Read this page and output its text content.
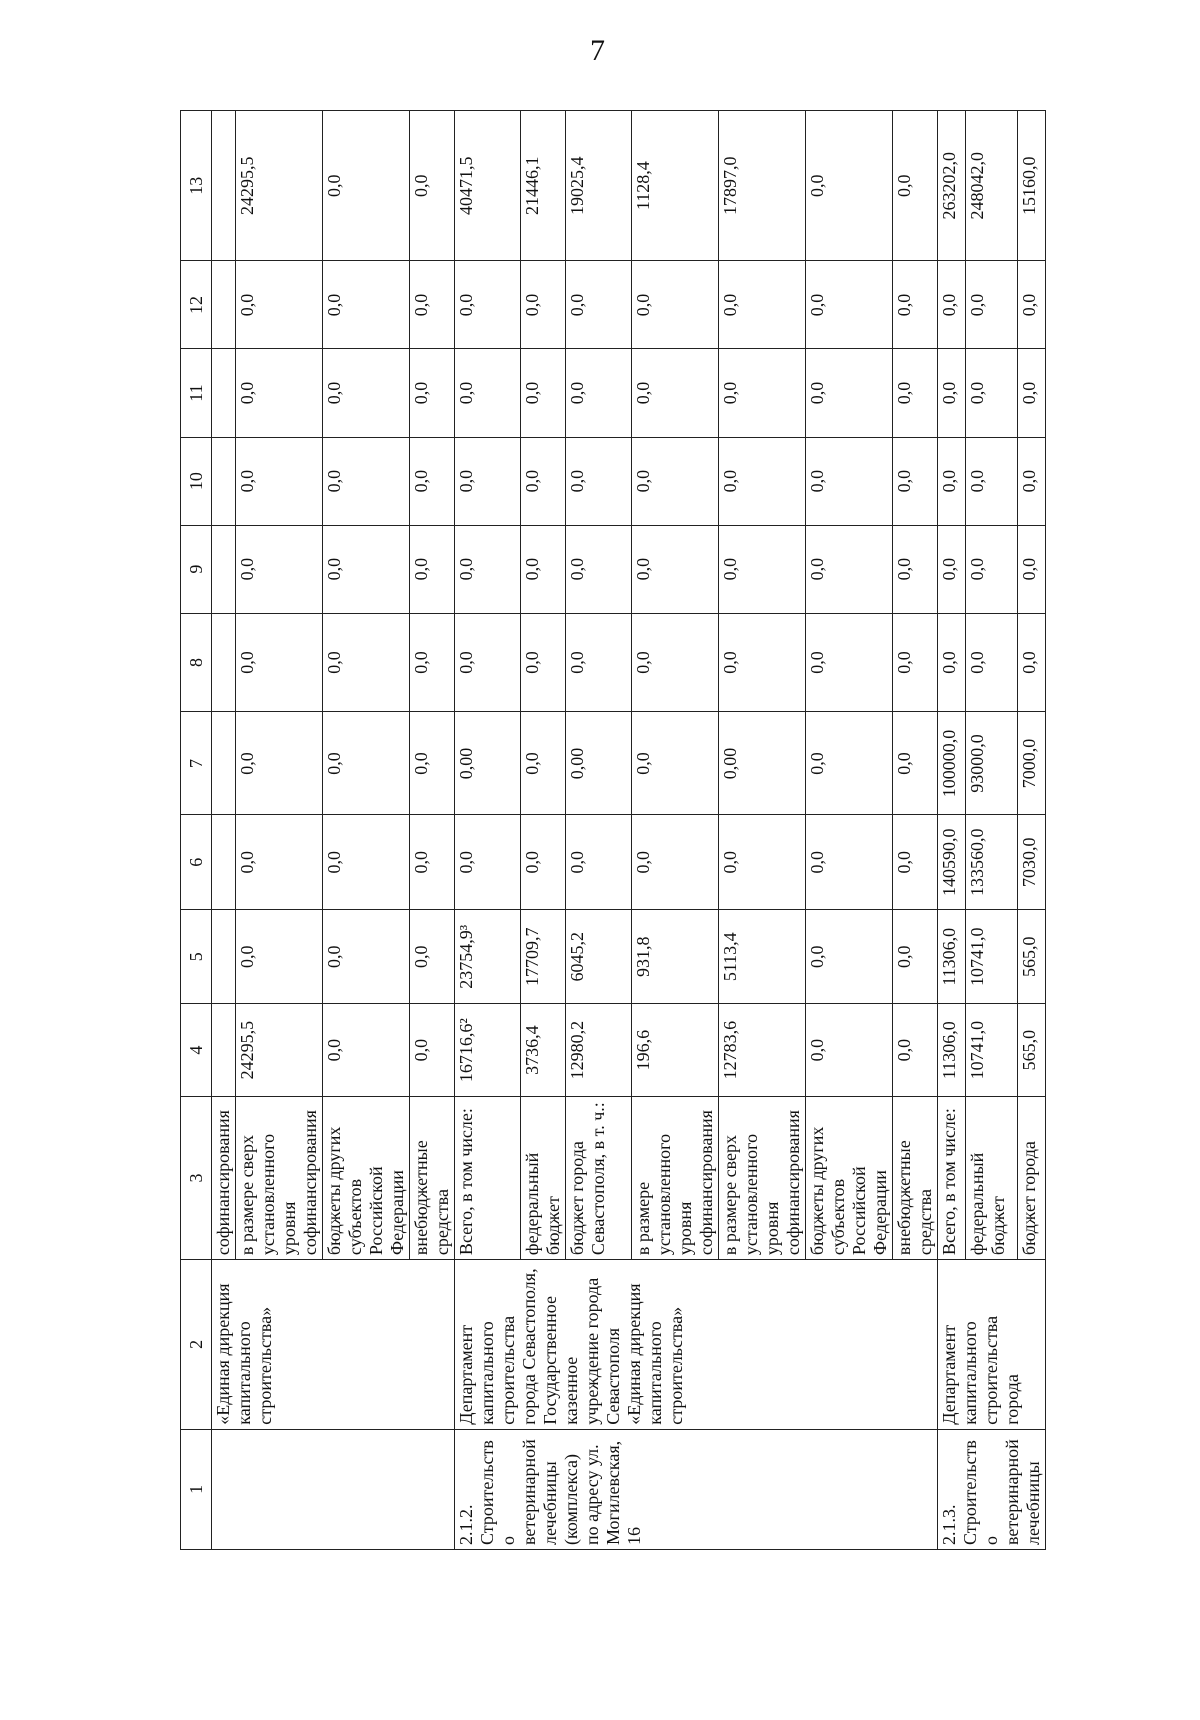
7
1	2	3	4	5	6	7	8	9	10	11	12	13
	«Единая дирекция капитального строительства»	софинансирования										
		в размере сверх установленного уровня софинансирования	24295,5	0,0	0,0	0,0	0,0	0,0	0,0	0,0	0,0	24295,5
		бюджеты других субъектов Российской Федерации	0,0	0,0	0,0	0,0	0,0	0,0	0,0	0,0	0,0	0,0
		внебюджетные средства	0,0	0,0	0,0	0,0	0,0	0,0	0,0	0,0	0,0	0,0
2.1.2. Строительство ветеринарной лечебницы (комплекса) по адресу ул. Могилевская, 16	Департамент капитального строительства города Севастополя, Государственное казенное учреждение города Севастополя «Единая дирекция капитального строительства»	Всего, в том числе:	16716,6²	23754,9³	0,0	0,00	0,0	0,0	0,0	0,0	0,0	40471,5
		федеральный бюджет	3736,4	17709,7	0,0	0,0	0,0	0,0	0,0	0,0	0,0	21446,1
		бюджет города Севастополя, в т. ч.:	12980,2	6045,2	0,0	0,00	0,0	0,0	0,0	0,0	0,0	19025,4
		в размере установленного уровня софинансирования	196,6	931,8	0,0	0,0	0,0	0,0	0,0	0,0	0,0	1128,4
		в размере сверх установленного уровня софинансирования	12783,6	5113,4	0,0	0,00	0,0	0,0	0,0	0,0	0,0	17897,0
		бюджеты других субъектов Российской Федерации	0,0	0,0	0,0	0,0	0,0	0,0	0,0	0,0	0,0	0,0
		внебюджетные средства	0,0	0,0	0,0	0,0	0,0	0,0	0,0	0,0	0,0	0,0
2.1.3. Строительство ветеринарной лечебницы	Департамент капитального строительства города	Всего, в том числе:	11306,0	11306,0	140590,0	100000,0	0,0	0,0	0,0	0,0	0,0	263202,0
		федеральный бюджет	10741,0	10741,0	133560,0	93000,0	0,0	0,0	0,0	0,0	0,0	248042,0
		бюджет города	565,0	565,0	7030,0	7000,0	0,0	0,0	0,0	0,0	0,0	15160,0
